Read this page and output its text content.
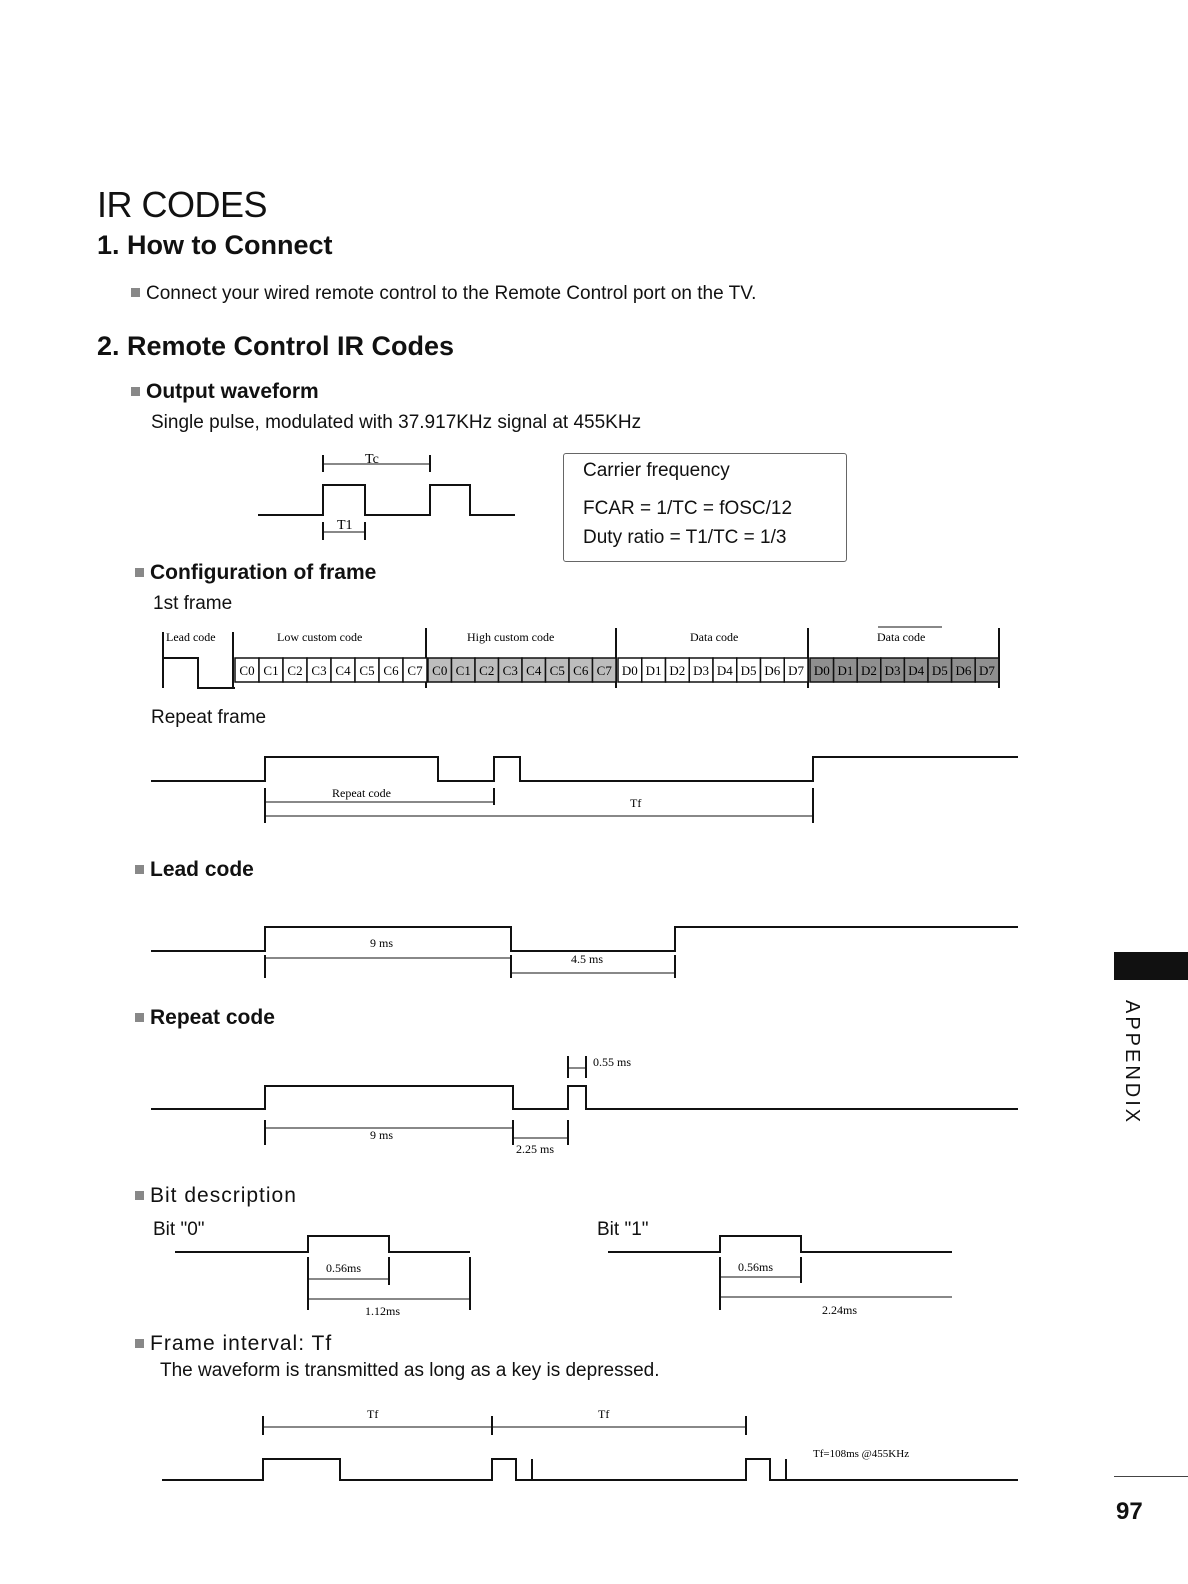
IR CODES
1. How to Connect

Connect your wired remote control to the Remote Control port on the TV.

2. Remote Control IR Codes

Output waveform

Single pulse, modulated with 37.917KHz signal at 455KHz

Tc
T1
Carrier frequency
FCAR = 1/TC = fOSC/12
Duty ratio = T1/TC = 1/3

Configuration of frame

1st frame

C0 C1 C2 C3 C4 C5 C6 C7 C0 C1 C2 C3 C4 C5 C6 C7 D0 D1 D2 D3 D4 D5 D6 D7 D0 D1 D2 D3 D4 D5 D6 D7
Lead code	Low custom code	High custom code	Data code	Data code

Repeat frame

Repeat code
Tf

Lead code

9 ms
4.5 ms

Repeat code

9 ms
2.25 ms
0.55 ms

Bit description

Bit "0"	Bit "1"

0.56ms
1.12ms
0.56ms
2.24ms

Frame interval: Tf

The waveform is transmitted as long as a key is depressed.

Tf	Tf
Tf=108ms @455KHz
APPENDIX
97
